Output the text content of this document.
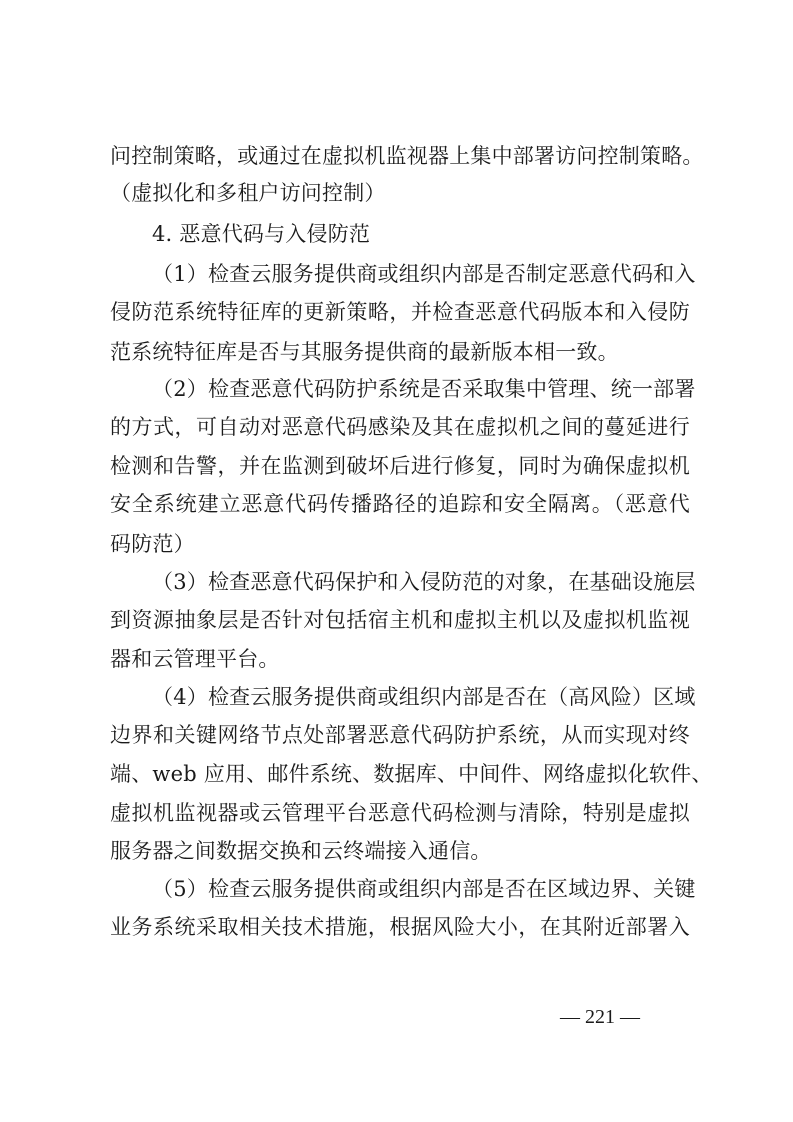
问控制策略，或通过在虚拟机监视器上集中部署访问控制策略。
（虚拟化和多租户访问控制）
4. 恶意代码与入侵防范
（1）检查云服务提供商或组织内部是否制定恶意代码和入
侵防范系统特征库的更新策略，并检查恶意代码版本和入侵防
范系统特征库是否与其服务提供商的最新版本相一致。
（2）检查恶意代码防护系统是否采取集中管理、统一部署
的方式，可自动对恶意代码感染及其在虚拟机之间的蔓延进行
检测和告警，并在监测到破坏后进行修复，同时为确保虚拟机
安全系统建立恶意代码传播路径的追踪和安全隔离。（恶意代
码防范）
（3）检查恶意代码保护和入侵防范的对象，在基础设施层
到资源抽象层是否针对包括宿主机和虚拟主机以及虚拟机监视
器和云管理平台。
（4）检查云服务提供商或组织内部是否在（高风险）区域
边界和关键网络节点处部署恶意代码防护系统，从而实现对终
端、web 应用、邮件系统、数据库、中间件、网络虚拟化软件、
虚拟机监视器或云管理平台恶意代码检测与清除，特别是虚拟
服务器之间数据交换和云终端接入通信。
（5）检查云服务提供商或组织内部是否在区域边界、关键
业务系统采取相关技术措施，根据风险大小，在其附近部署入
— 221 —
